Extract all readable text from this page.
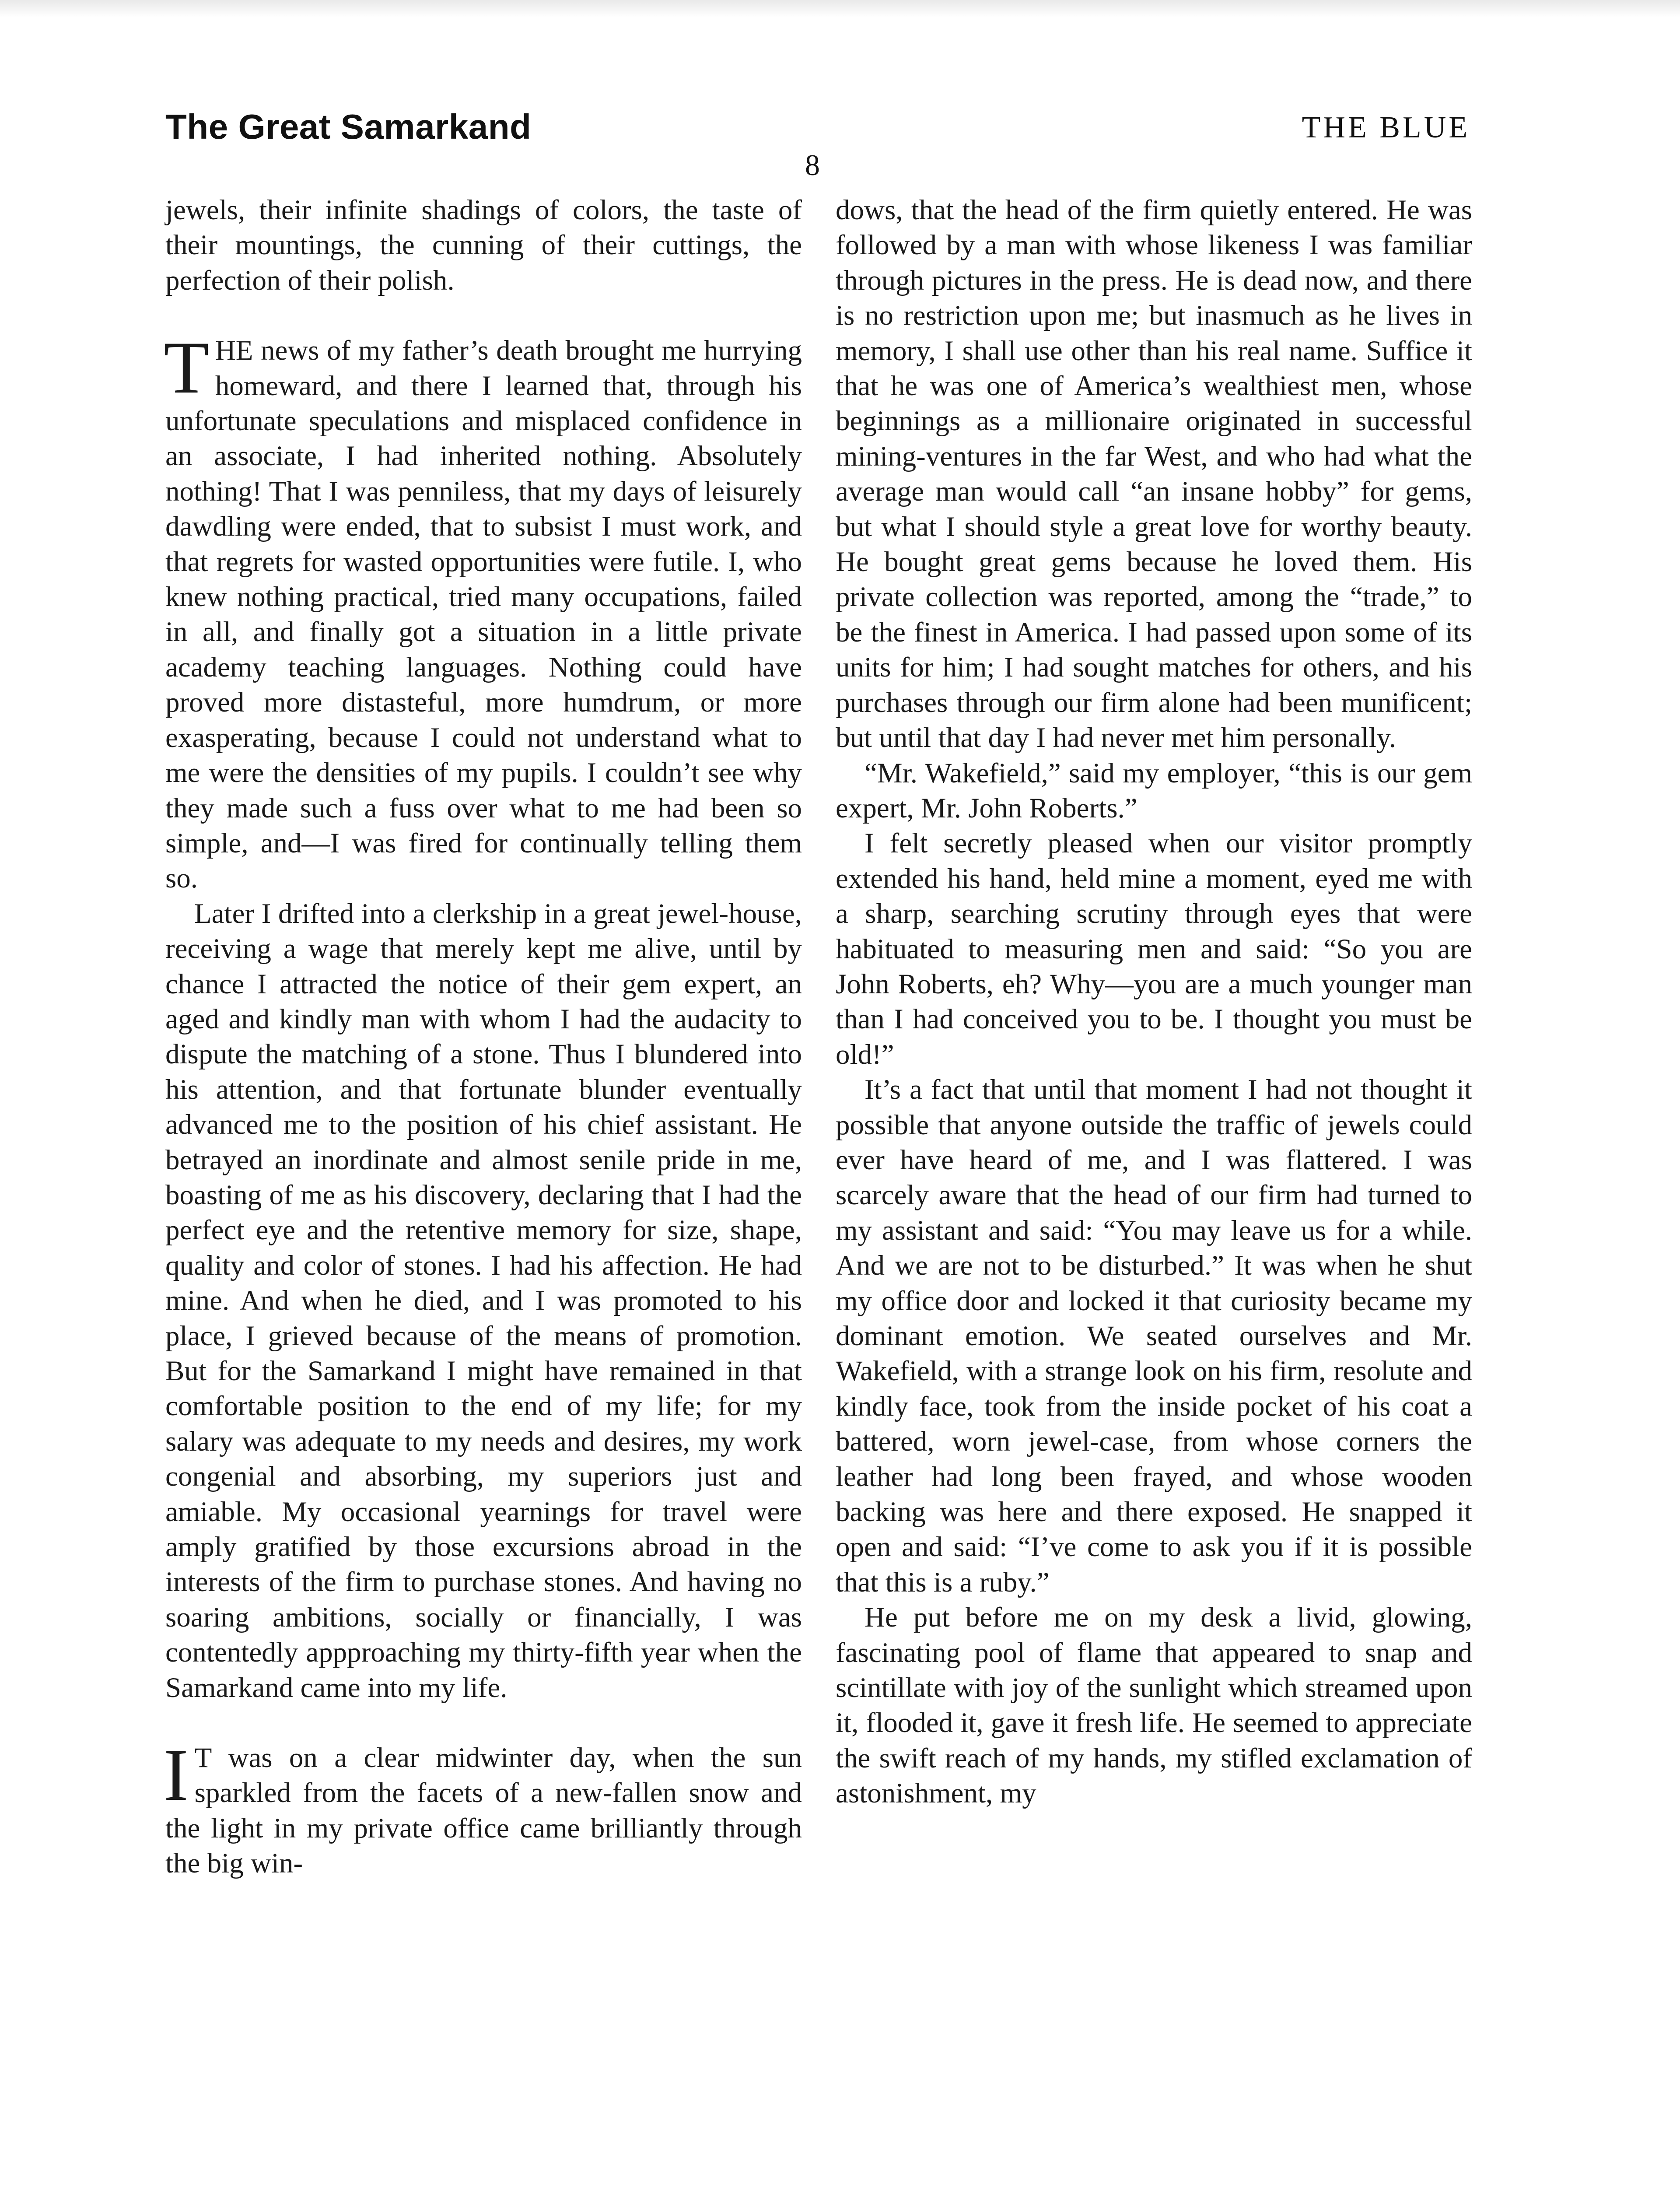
The Great Samarkand	THE BLUE
8

jewels, their infinite shadings of colors, the taste of their mountings, the cunning of their cuttings, the perfection of their polish.

THE news of my father’s death brought me hurrying homeward, and there I learned that, through his unfortunate speculations and misplaced confidence in an associate, I had inherited nothing. Absolutely nothing! That I was penniless, that my days of leisurely dawdling were ended, that to subsist I must work, and that regrets for wasted opportunities were futile. I, who knew nothing practical, tried many occupations, failed in all, and finally got a situation in a little private academy teaching languages. Nothing could have proved more distasteful, more humdrum, or more exasperating, because I could not understand what to me were the densities of my pupils. I couldn’t see why they made such a fuss over what to me had been so simple, and—I was fired for continually telling them so.

Later I drifted into a clerkship in a great jewel-house, receiving a wage that merely kept me alive, until by chance I attracted the notice of their gem expert, an aged and kindly man with whom I had the audacity to dispute the matching of a stone. Thus I blundered into his attention, and that fortunate blunder eventually advanced me to the position of his chief assistant. He betrayed an inordinate and almost senile pride in me, boasting of me as his discovery, declaring that I had the perfect eye and the retentive memory for size, shape, quality and color of stones. I had his affection. He had mine. And when he died, and I was promoted to his place, I grieved because of the means of promotion. But for the Samarkand I might have remained in that comfortable position to the end of my life; for my salary was adequate to my needs and desires, my work congenial and absorbing, my superiors just and amiable. My occasional yearnings for travel were amply gratified by those excursions abroad in the interests of the firm to purchase stones. And having no soaring ambitions, socially or financially, I was contentedly appproaching my thirty-fifth year when the Samarkand came into my life.

I T was on a clear midwinter day, when the sun sparkled from the facets of a new-fallen snow and the light in my private office came brilliantly through the big win-

dows, that the head of the firm quietly entered. He was followed by a man with whose likeness I was familiar through pictures in the press. He is dead now, and there is no restriction upon me; but inasmuch as he lives in memory, I shall use other than his real name. Suffice it that he was one of America’s wealthiest men, whose beginnings as a millionaire originated in successful mining-ventures in the far West, and who had what the average man would call “an insane hobby” for gems, but what I should style a great love for worthy beauty. He bought great gems because he loved them. His private collection was reported, among the “trade,” to be the finest in America. I had passed upon some of its units for him; I had sought matches for others, and his purchases through our firm alone had been munificent; but until that day I had never met him personally.

“Mr. Wakefield,” said my employer, “this is our gem expert, Mr. John Roberts.”

I felt secretly pleased when our visitor promptly extended his hand, held mine a moment, eyed me with a sharp, searching scrutiny through eyes that were habituated to measuring men and said: “So you are John Roberts, eh? Why—you are a much younger man than I had conceived you to be. I thought you must be old!”

It’s a fact that until that moment I had not thought it possible that anyone outside the traffic of jewels could ever have heard of me, and I was flattered. I was scarcely aware that the head of our firm had turned to my assistant and said: “You may leave us for a while. And we are not to be disturbed.” It was when he shut my office door and locked it that curiosity became my dominant emotion. We seated ourselves and Mr. Wakefield, with a strange look on his firm, resolute and kindly face, took from the inside pocket of his coat a battered, worn jewel-case, from whose corners the leather had long been frayed, and whose wooden backing was here and there exposed. He snapped it open and said: “I’ve come to ask you if it is possible that this is a ruby.”

He put before me on my desk a livid, glowing, fascinating pool of flame that appeared to snap and scintillate with joy of the sunlight which streamed upon it, flooded it, gave it fresh life. He seemed to appreciate the swift reach of my hands, my stifled exclamation of astonishment, my
